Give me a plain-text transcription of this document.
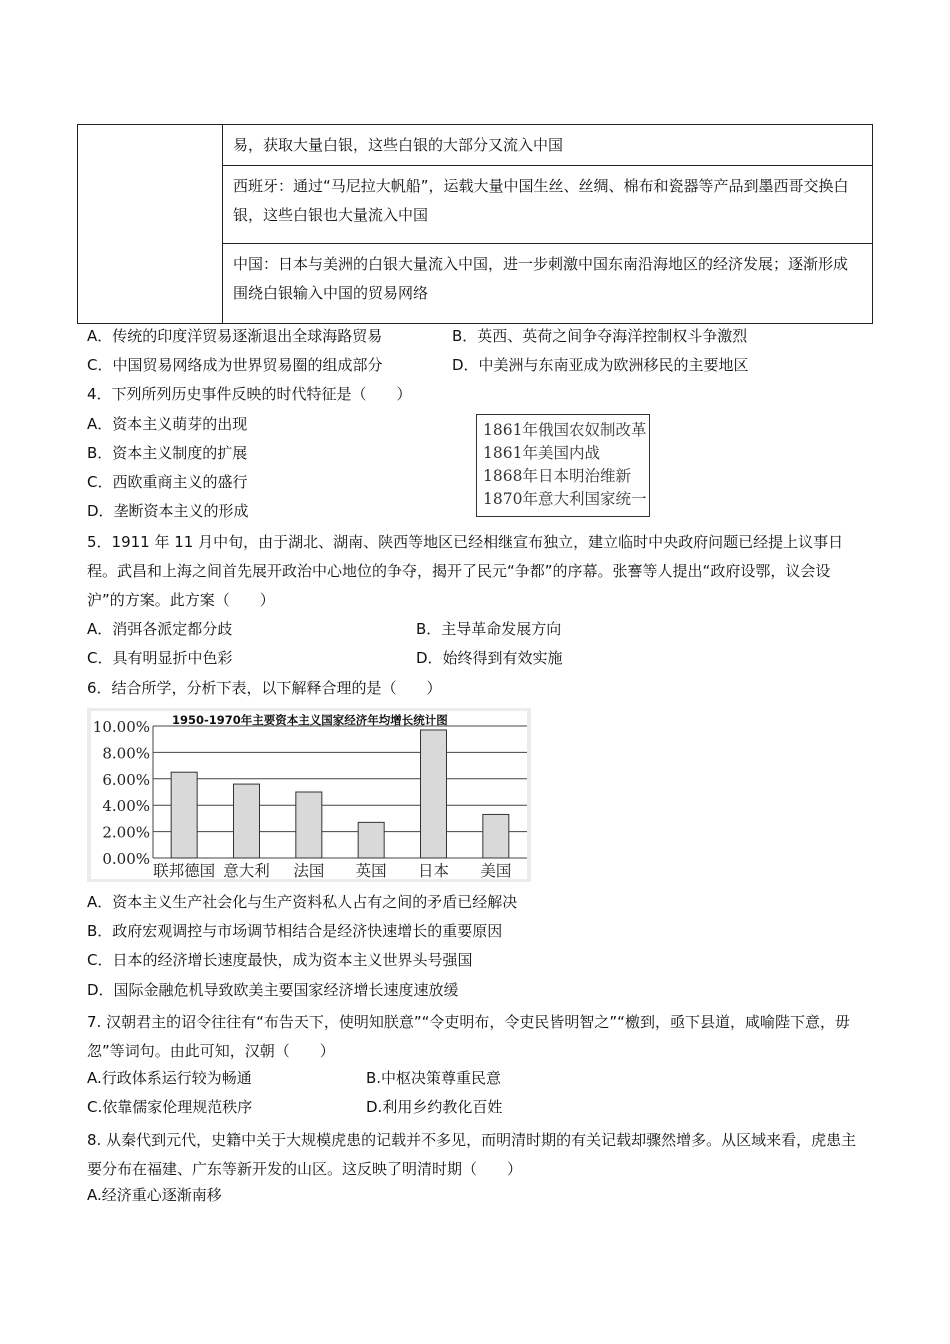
易，获取大量白银，这些白银的大部分又流入中国
西班牙：通过“马尼拉大帆船”，运载大量中国生丝、丝绸、棉布和瓷器等产品到墨西哥交换白银，这些白银也大量流入中国
中国：日本与美洲的白银大量流入中国，进一步刺激中国东南沿海地区的经济发展；逐渐形成围绕白银输入中国的贸易网络
A．传统的印度洋贸易逐渐退出全球海路贸易	B．英西、英荷之间争夺海洋控制权斗争激烈
C．中国贸易网络成为世界贸易圈的组成部分	D．中美洲与东南亚成为欧洲移民的主要地区
4．下列所列历史事件反映的时代特征是（　　）
A．资本主义萌芽的出现
B．资本主义制度的扩展
C．西欧重商主义的盛行
D．垄断资本主义的形成
1861年俄国农奴制改革
1861年美国内战
1868年日本明治维新
1870年意大利国家统一
5．1911 年 11 月中旬，由于湖北、湖南、陕西等地区已经相继宣布独立，建立临时中央政府问题已经提上议事日程。武昌和上海之间首先展开政治中心地位的争夺，揭开了民元“争都”的序幕。张謇等人提出“政府设鄂，议会设沪”的方案。此方案（　　）
A．消弭各派定都分歧	B．主导革命发展方向
C．具有明显折中色彩	D．始终得到有效实施
6．结合所学，分析下表，以下解释合理的是（　　）
10.00%
8.00%
6.00%
4.00%
2.00%
0.00%
联邦德国 意大利 法国 英国 日本 美国
1950-1970年主要资本主义国家经济年均增长统计图
A．资本主义生产社会化与生产资料私人占有之间的矛盾已经解决
B．政府宏观调控与市场调节相结合是经济快速增长的重要原因
C．日本的经济增长速度最快，成为资本主义世界头号强国
D．国际金融危机导致欧美主要国家经济增长速度速放缓
7. 汉朝君主的诏令往往有“布告天下，使明知朕意”“令吏明布，令吏民皆明智之”“檄到，亟下县道，咸喻陛下意，毋忽”等词句。由此可知，汉朝（　　）
A.行政体系运行较为畅通	B.中枢决策尊重民意
C.依靠儒家伦理规范秩序	D.利用乡约教化百姓
8. 从秦代到元代，史籍中关于大规模虎患的记载并不多见，而明清时期的有关记载却骤然增多。从区域来看，虎患主要分布在福建、广东等新开发的山区。这反映了明清时期（　　）
A.经济重心逐渐南移
